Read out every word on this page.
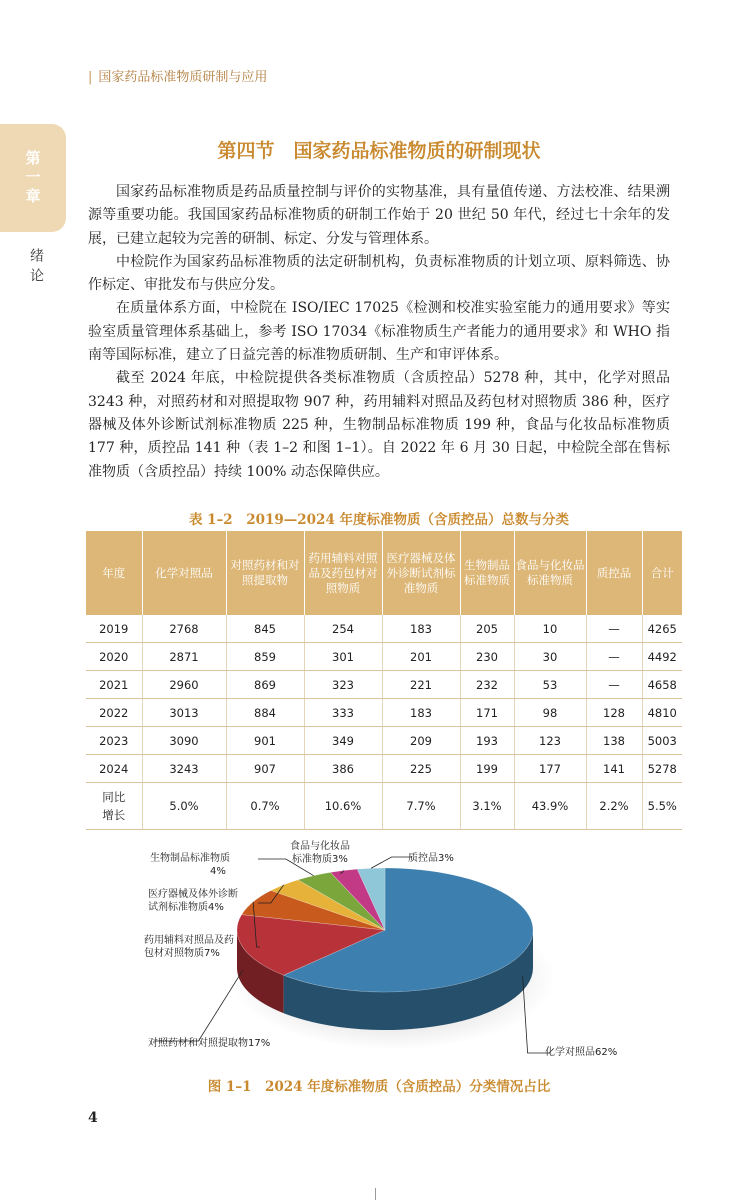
| 国家药品标准物质研制与应用
第一章
绪论
第四节　国家药品标准物质的研制现状

国家药品标准物质是药品质量控制与评价的实物基准，具有量值传递、方法校准、结果溯源等重要功能。我国国家药品标准物质的研制工作始于 20 世纪 50 年代，经过七十余年的发展，已建立起较为完善的研制、标定、分发与管理体系。

中检院作为国家药品标准物质的法定研制机构，负责标准物质的计划立项、原料筛选、协作标定、审批发布与供应分发。

在质量体系方面，中检院在 ISO/IEC 17025《检测和校准实验室能力的通用要求》等实验室质量管理体系基础上，参考 ISO 17034《标准物质生产者能力的通用要求》和 WHO 指南等国际标准，建立了日益完善的标准物质研制、生产和审评体系。

截至 2024 年底，中检院提供各类标准物质（含质控品）5278 种，其中，化学对照品 3243 种，对照药材和对照提取物 907 种，药用辅料对照品及药包材对照物质 386 种，医疗器械及体外诊断试剂标准物质 225 种，生物制品标准物质 199 种，食品与化妆品标准物质 177 种，质控品 141 种（表 1–2 和图 1–1）。自 2022 年 6 月 30 日起，中检院全部在售标准物质（含质控品）持续 100% 动态保障供应。

表 1–2　2019—2024 年度标准物质（含质控品）总数与分类
年度	化学对照品	对照药材和对照提取物	药用辅料对照品及药包材对照物质	医疗器械及体外诊断试剂标准物质	生物制品标准物质	食品与化妆品标准物质	质控品	合计
2019	2768	845	254	183	205	10	—	4265
2020	2871	859	301	201	230	30	—	4492
2021	2960	869	323	221	232	53	—	4658
2022	3013	884	333	183	171	98	128	4810
2023	3090	901	349	209	193	123	138	5003
2024	3243	907	386	225	199	177	141	5278
同比增长	5.0%	0.7%	10.6%	7.7%	3.1%	43.9%	2.2%	5.5%
生物制品标准物质
4%
食品与化妆品
标准物质3%	质控品3%
医疗器械及体外诊断
试剂标准物质4%
药用辅料对照品及药
包材对照物质7%
对照药材和对照提取物17%
化学对照品62%
图 1–1　2024 年度标准物质（含质控品）分类情况占比
4
